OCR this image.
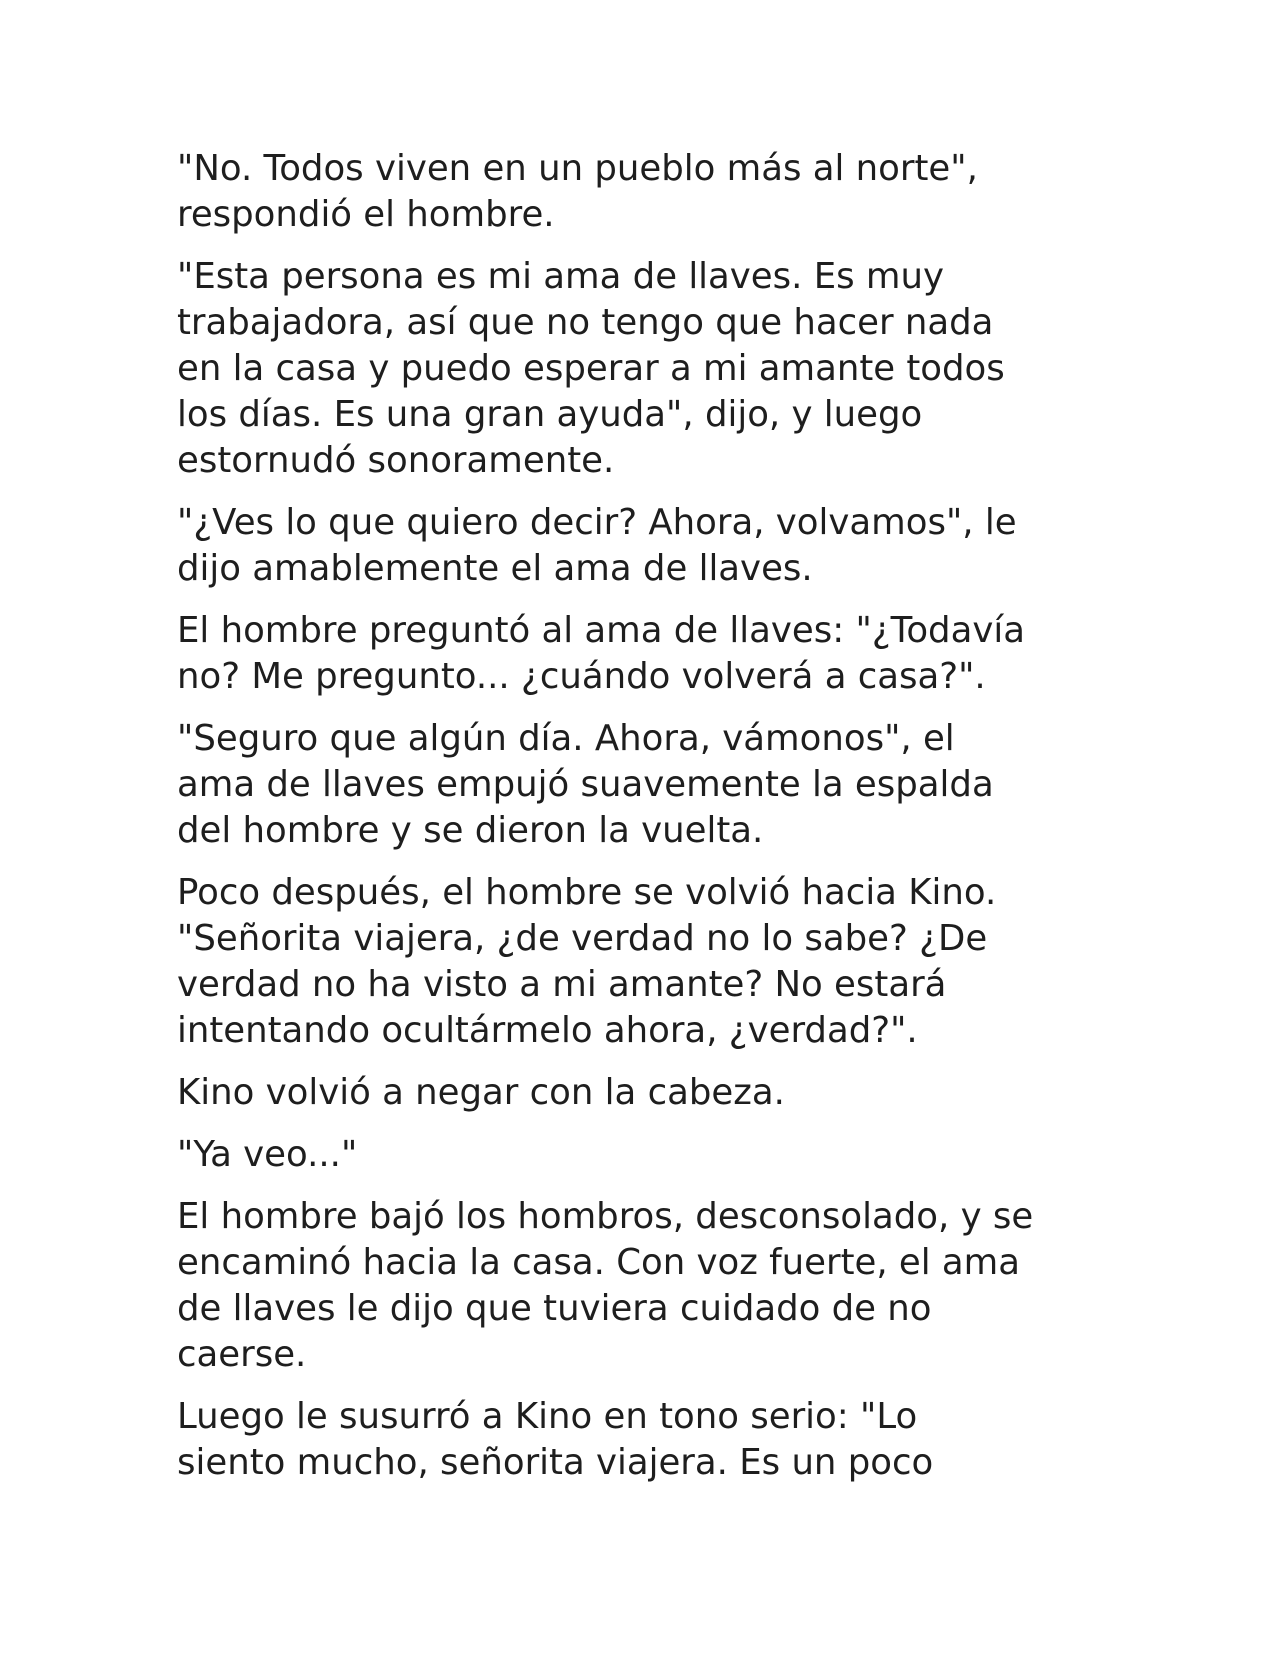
"No. Todos viven en un pueblo más al norte",
respondió el hombre.

"Esta persona es mi ama de llaves. Es muy
trabajadora, así que no tengo que hacer nada
en la casa y puedo esperar a mi amante todos
los días. Es una gran ayuda", dijo, y luego
estornudó sonoramente.

"¿Ves lo que quiero decir? Ahora, volvamos", le
dijo amablemente el ama de llaves.

El hombre preguntó al ama de llaves: "¿Todavía
no? Me pregunto... ¿cuándo volverá a casa?".

"Seguro que algún día. Ahora, vámonos", el
ama de llaves empujó suavemente la espalda
del hombre y se dieron la vuelta.

Poco después, el hombre se volvió hacia Kino.
"Señorita viajera, ¿de verdad no lo sabe? ¿De
verdad no ha visto a mi amante? No estará
intentando ocultármelo ahora, ¿verdad?".

Kino volvió a negar con la cabeza.

"Ya veo..."

El hombre bajó los hombros, desconsolado, y se
encaminó hacia la casa. Con voz fuerte, el ama
de llaves le dijo que tuviera cuidado de no
caerse.

Luego le susurró a Kino en tono serio: "Lo
siento mucho, señorita viajera. Es un poco
